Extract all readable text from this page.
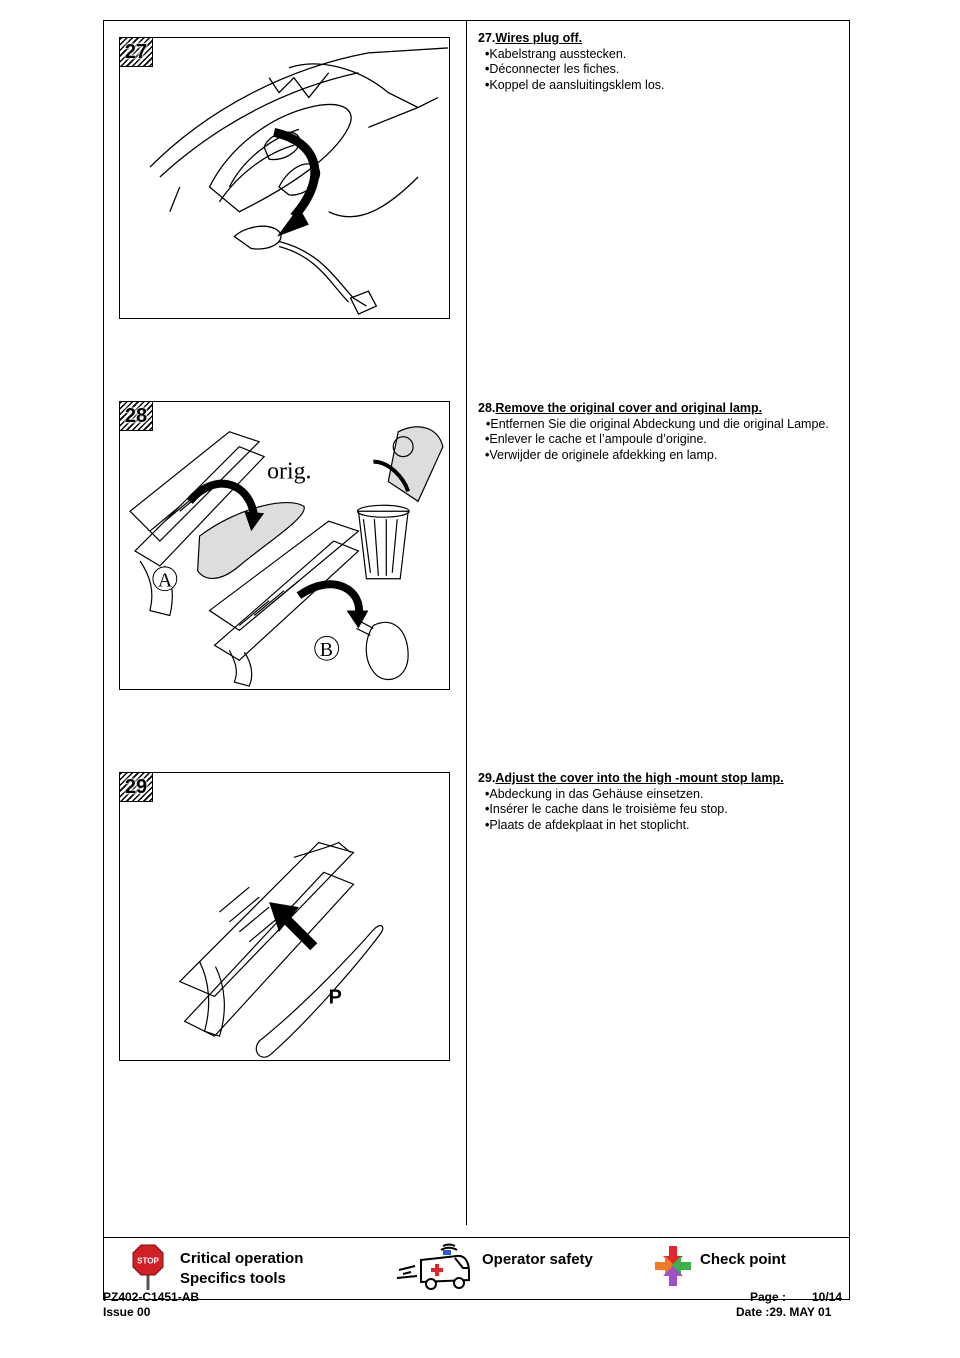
27
28
orig.
A
B
29
P
27.Wires plug off.
•Kabelstrang ausstecken.
•Déconnecter les fiches.
•Koppel de aansluitingsklem los.
28.Remove the original cover and original lamp.
•Entfernen Sie die original Abdeckung und die original Lampe.
•Enlever le cache et l’ampoule d’origine.
•Verwijder de originele afdekking en lamp.
29.Adjust the cover into the high -mount stop lamp.
•Abdeckung in das Gehäuse einsetzen.
•Insérer le cache dans le troisième feu stop.
•Plaats de afdekplaat in het stoplicht.
STOP Critical operation
Specifics tools
Operator safety	Check point
PZ402-C1451-AB
Issue 00
Page : 10/14
Date :29. MAY 01
